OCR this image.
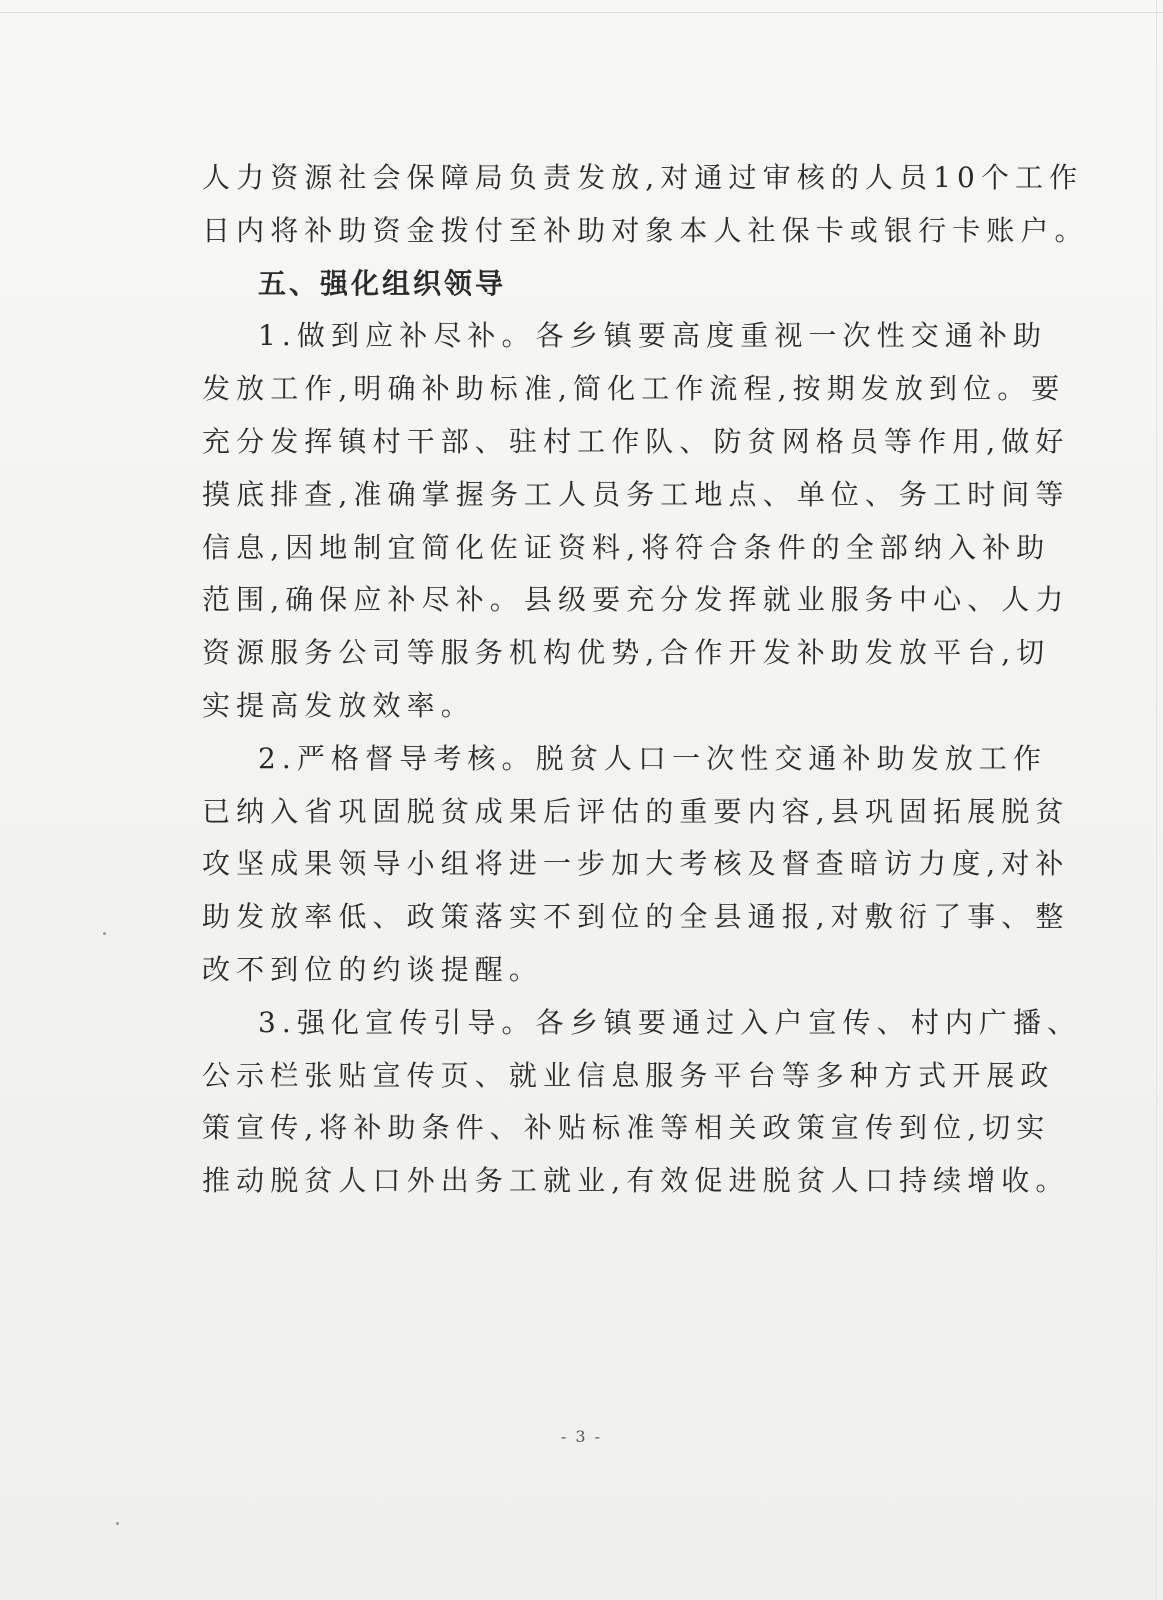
人力资源社会保障局负责发放,对通过审核的人员10个工作
日内将补助资金拨付至补助对象本人社保卡或银行卡账户。
五、强化组织领导
1.做到应补尽补。各乡镇要高度重视一次性交通补助
发放工作,明确补助标准,简化工作流程,按期发放到位。要
充分发挥镇村干部、驻村工作队、防贫网格员等作用,做好
摸底排查,准确掌握务工人员务工地点、单位、务工时间等
信息,因地制宜简化佐证资料,将符合条件的全部纳入补助
范围,确保应补尽补。县级要充分发挥就业服务中心、人力
资源服务公司等服务机构优势,合作开发补助发放平台,切
实提高发放效率。
2.严格督导考核。脱贫人口一次性交通补助发放工作
已纳入省巩固脱贫成果后评估的重要内容,县巩固拓展脱贫
攻坚成果领导小组将进一步加大考核及督查暗访力度,对补
助发放率低、政策落实不到位的全县通报,对敷衍了事、整
改不到位的约谈提醒。
3.强化宣传引导。各乡镇要通过入户宣传、村内广播、
公示栏张贴宣传页、就业信息服务平台等多种方式开展政
策宣传,将补助条件、补贴标准等相关政策宣传到位,切实
推动脱贫人口外出务工就业,有效促进脱贫人口持续增收。
- 3 -
